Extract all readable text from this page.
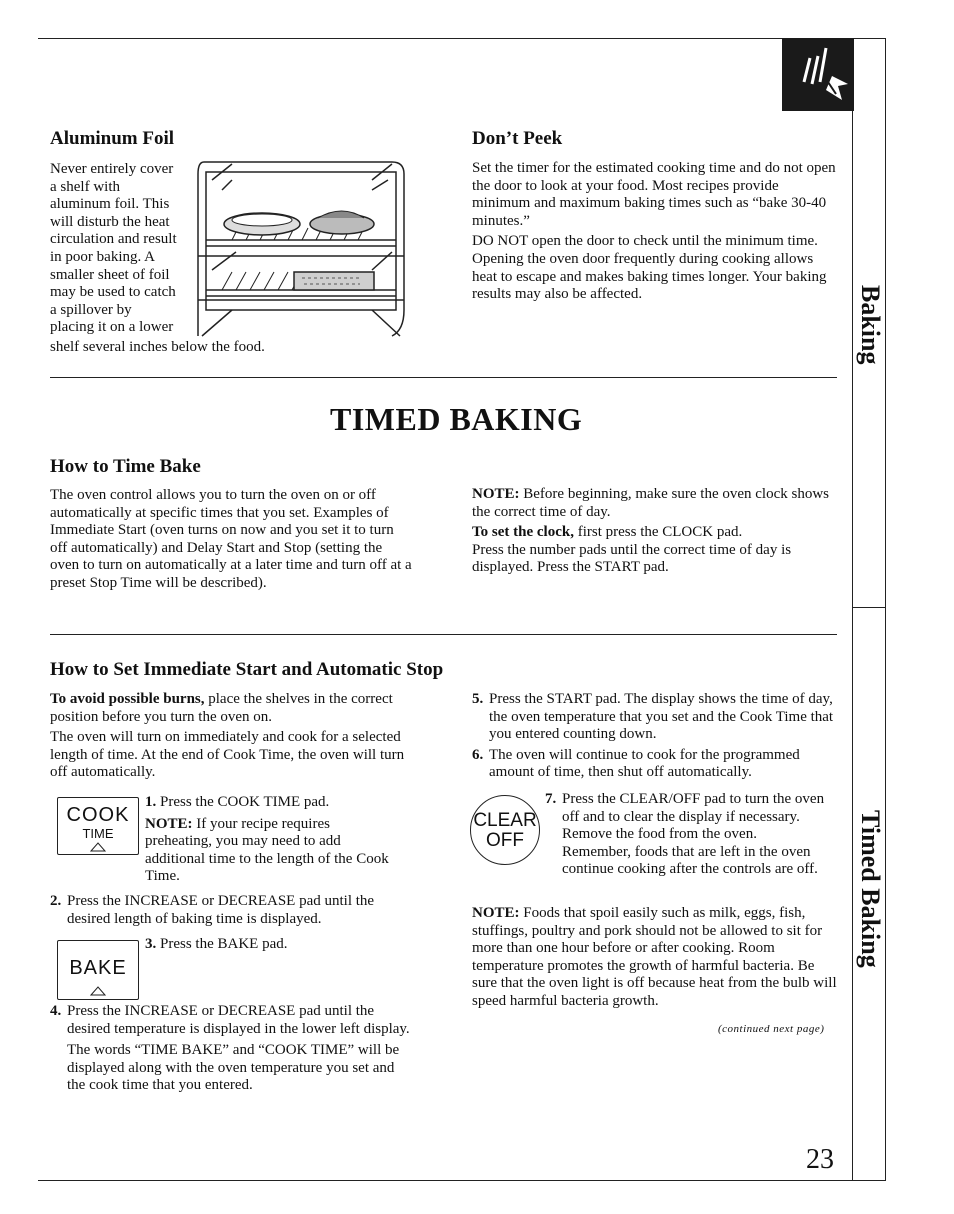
Aluminum Foil
Never entirely cover
a shelf with
aluminum foil. This
will disturb the heat
circulation and result
in poor baking. A
smaller sheet of foil
may be used to catch
a spillover by
placing it on a lower
shelf several inches below the food.
Don’t Peek
Set the timer for the estimated cooking time and do not open the door to look at your food. Most recipes provide minimum and maximum baking times such as “bake 30-40 minutes.”
DO NOT open the door to check until the minimum time. Opening the oven door frequently during cooking allows heat to escape and makes baking times longer. Your baking results may also be affected.
TIMED BAKING
How to Time Bake
The oven control allows you to turn the oven on or off automatically at specific times that you set. Examples of Immediate Start (oven turns on now and you set it to turn off automatically) and Delay Start and Stop (setting the oven to turn on automatically at a later time and turn off at a preset Stop Time will be described).
NOTE: Before beginning, make sure the oven clock shows the correct time of day.
To set the clock, first press the CLOCK pad.
Press the number pads until the correct time of day is displayed. Press the START pad.
How to Set Immediate Start and Automatic Stop
To avoid possible burns, place the shelves in the correct position before you turn the oven on.
The oven will turn on immediately and cook for a selected length of time. At the end of Cook Time, the oven will turn off automatically.
COOK
TIME
1. Press the COOK TIME pad.
NOTE: If your recipe requires preheating, you may need to add additional time to the length of the Cook Time.
2. Press the INCREASE or DECREASE pad until the desired length of baking time is displayed.
BAKE
3. Press the BAKE pad.
4. Press the INCREASE or DECREASE pad until the desired temperature is displayed in the lower left display.
The words “TIME BAKE” and “COOK TIME” will be displayed along with the oven temperature you set and the cook time that you entered.
5. Press the START pad. The display shows the time of day, the oven temperature that you set and the Cook Time that you entered counting down.
6. The oven will continue to cook for the programmed amount of time, then shut off automatically.
CLEAR
OFF
7. Press the CLEAR/OFF pad to turn the oven off and to clear the display if necessary. Remove the food from the oven. Remember, foods that are left in the oven continue cooking after the controls are off.
NOTE: Foods that spoil easily such as milk, eggs, fish, stuffings, poultry and pork should not be allowed to sit for more than one hour before or after cooking. Room temperature promotes the growth of harmful bacteria. Be sure that the oven light is off because heat from the bulb will speed harmful bacteria growth.
(continued next page)
Baking
Timed Baking
23
